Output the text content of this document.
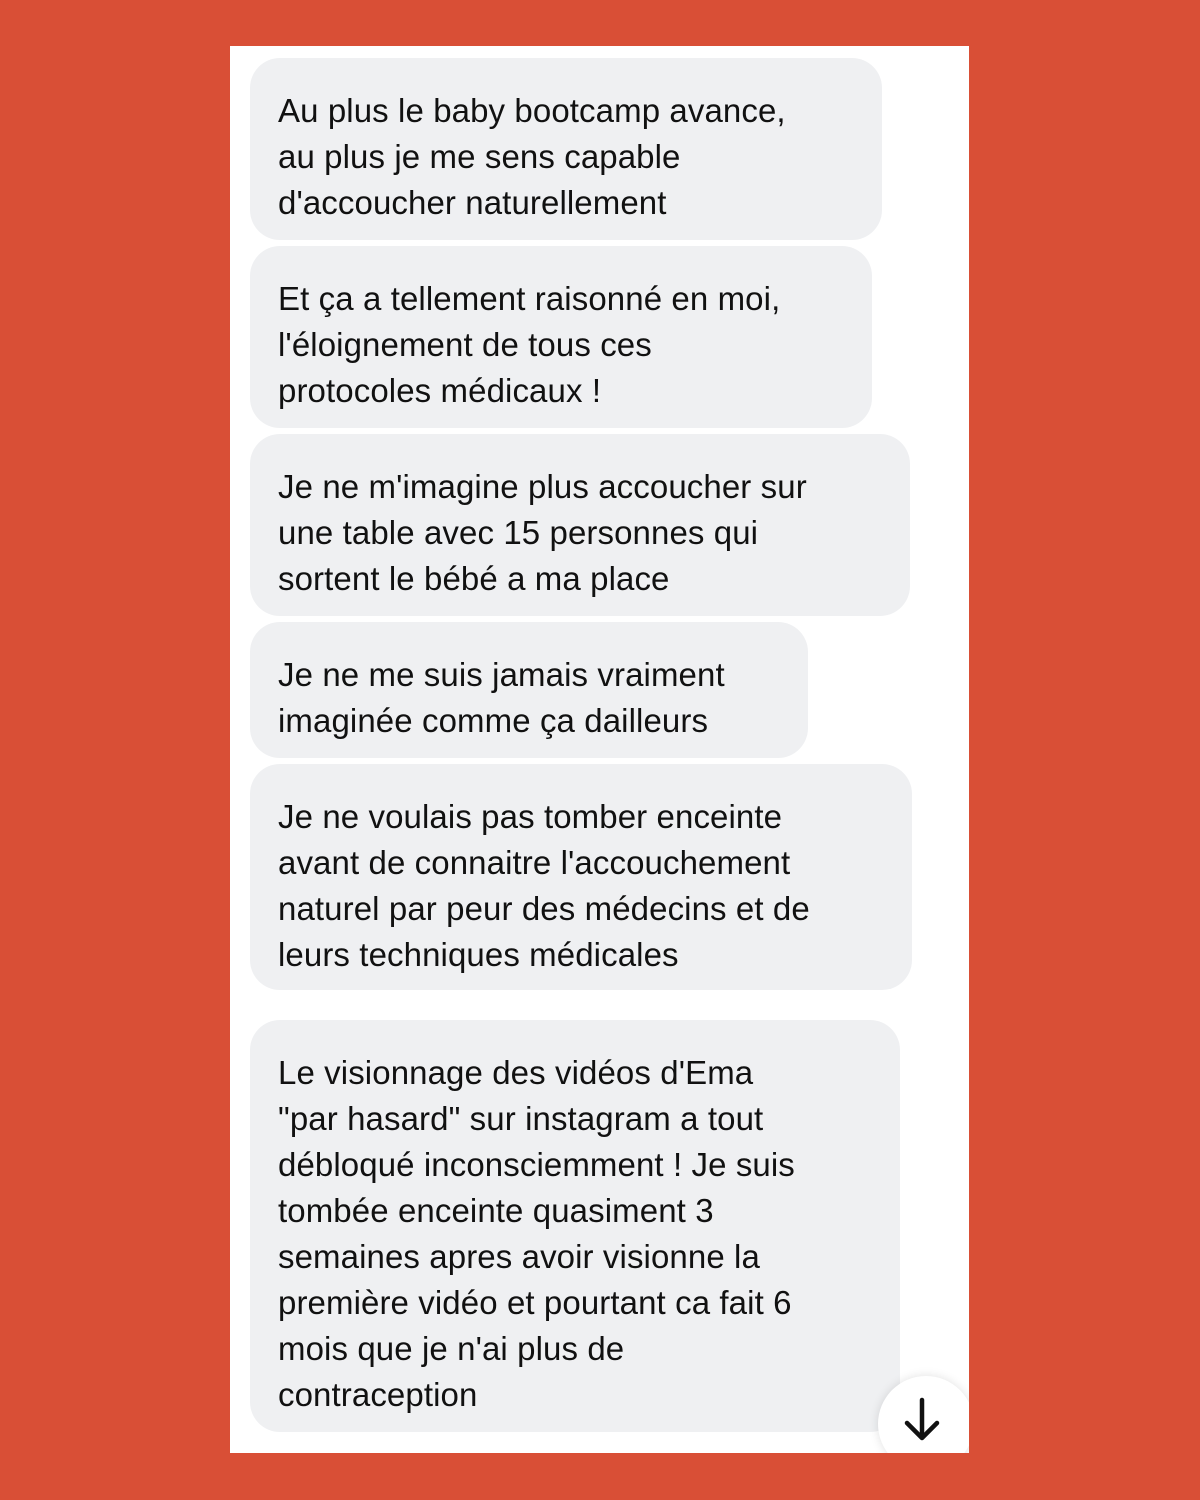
Au plus le baby bootcamp avance,
au plus je me sens capable
d'accoucher naturellement
Et ça a tellement raisonné en moi,
l'éloignement de tous ces
protocoles médicaux !
Je ne m'imagine plus accoucher sur
une table avec 15 personnes qui
sortent le bébé a ma place
Je ne me suis jamais vraiment
imaginée comme ça dailleurs
Je ne voulais pas tomber enceinte
avant de connaitre l'accouchement
naturel par peur des médecins et de
leurs techniques médicales
Le visionnage des vidéos d'Ema
"par hasard" sur instagram a tout
débloqué inconsciemment ! Je suis
tombée enceinte quasiment 3
semaines apres avoir visionne la
première vidéo et pourtant ca fait 6
mois que je n'ai plus de
contraception
